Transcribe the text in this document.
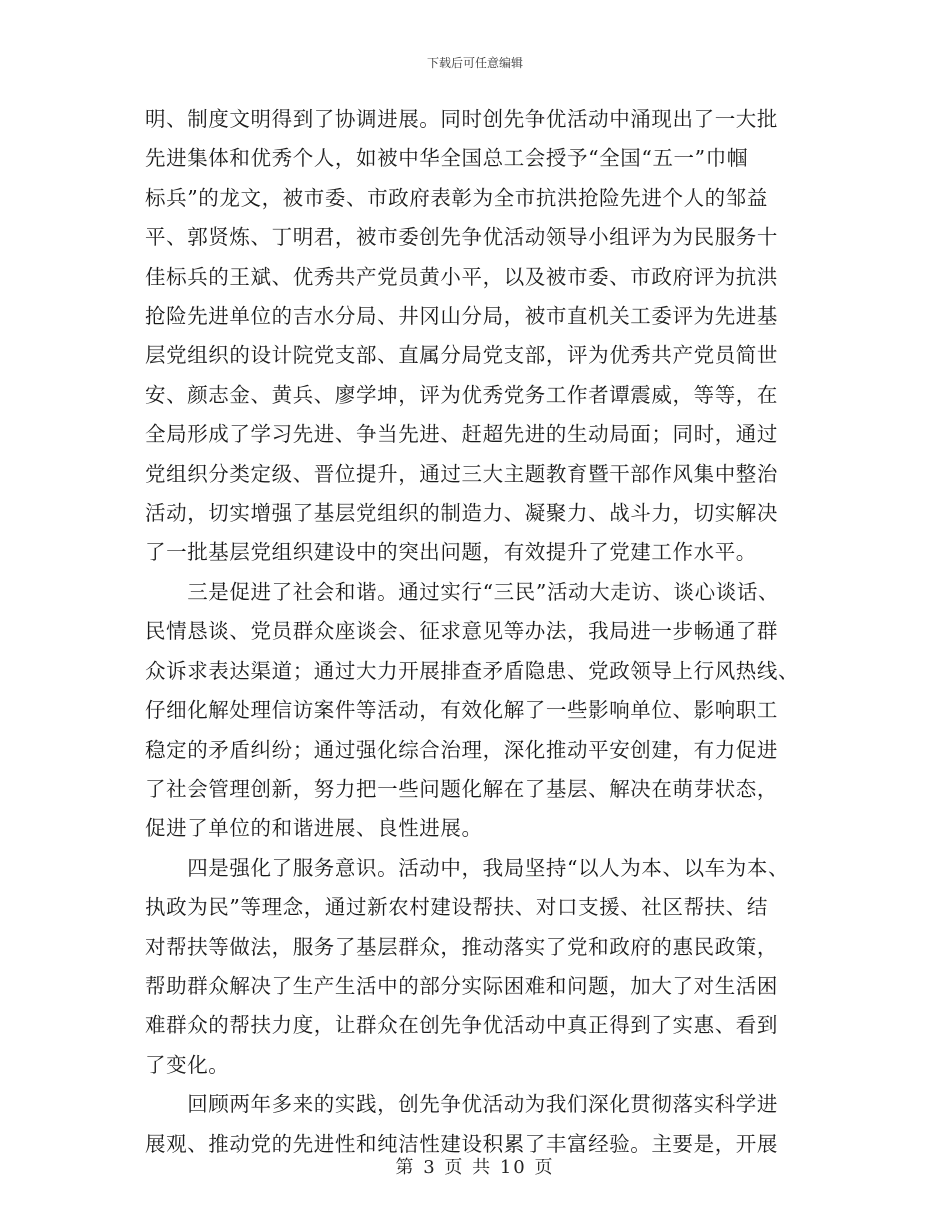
下载后可任意编辑
明、制度文明得到了协调进展。同时创先争优活动中涌现出了一大批
先进集体和优秀个人，如被中华全国总工会授予“全国“五一”巾帼
标兵”的龙文，被市委、市政府表彰为全市抗洪抢险先进个人的邹益
平、郭贤炼、丁明君，被市委创先争优活动领导小组评为为民服务十
佳标兵的王斌、优秀共产党员黄小平，以及被市委、市政府评为抗洪
抢险先进单位的吉水分局、井冈山分局，被市直机关工委评为先进基
层党组织的设计院党支部、直属分局党支部，评为优秀共产党员简世
安、颜志金、黄兵、廖学坤，评为优秀党务工作者谭震威，等等，在
全局形成了学习先进、争当先进、赶超先进的生动局面；同时，通过
党组织分类定级、晋位提升，通过三大主题教育暨干部作风集中整治
活动，切实增强了基层党组织的制造力、凝聚力、战斗力，切实解决
了一批基层党组织建设中的突出问题，有效提升了党建工作水平。
　　三是促进了社会和谐。通过实行“三民”活动大走访、谈心谈话、
民情恳谈、党员群众座谈会、征求意见等办法，我局进一步畅通了群
众诉求表达渠道；通过大力开展排查矛盾隐患、党政领导上行风热线、
仔细化解处理信访案件等活动，有效化解了一些影响单位、影响职工
稳定的矛盾纠纷；通过强化综合治理，深化推动平安创建，有力促进
了社会管理创新，努力把一些问题化解在了基层、解决在萌芽状态，
促进了单位的和谐进展、良性进展。
　　四是强化了服务意识。活动中，我局坚持“以人为本、以车为本、
执政为民”等理念，通过新农村建设帮扶、对口支援、社区帮扶、结
对帮扶等做法，服务了基层群众，推动落实了党和政府的惠民政策，
帮助群众解决了生产生活中的部分实际困难和问题，加大了对生活困
难群众的帮扶力度，让群众在创先争优活动中真正得到了实惠、看到
了变化。
　　回顾两年多来的实践，创先争优活动为我们深化贯彻落实科学进
展观、推动党的先进性和纯洁性建设积累了丰富经验。主要是，开展
第 3 页 共 10 页
